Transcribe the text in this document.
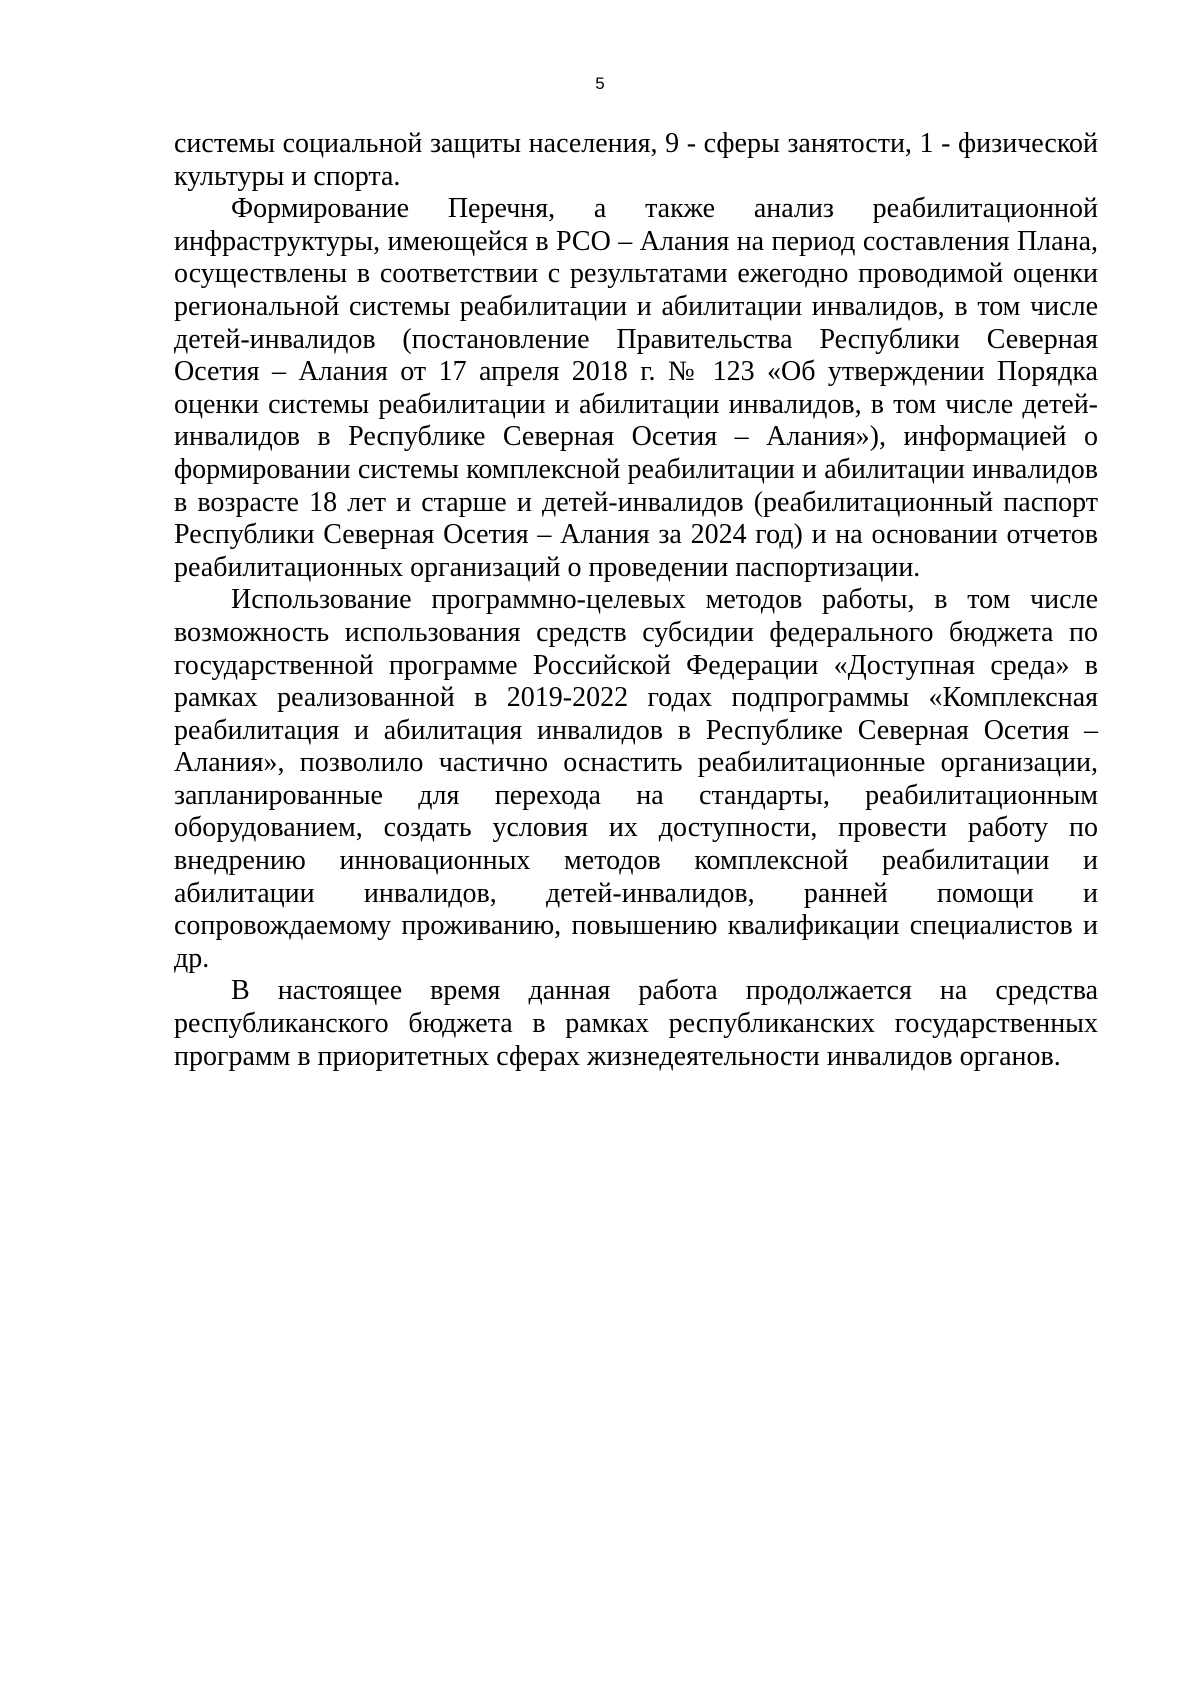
5

системы социальной защиты населения, 9 - сферы занятости, 1 - физической культуры и спорта.

Формирование Перечня, а также анализ реабилитационной инфраструктуры, имеющейся в РСО – Алания на период составления Плана, осуществлены в соответствии с результатами ежегодно проводимой оценки региональной системы реабилитации и абилитации инвалидов, в том числе детей-инвалидов (постановление Правительства Республики Северная Осетия – Алания от 17 апреля 2018 г. № 123 «Об утверждении Порядка оценки системы реабилитации и абилитации инвалидов, в том числе детей-инвалидов в Республике Северная Осетия – Алания»), информацией о формировании системы комплексной реабилитации и абилитации инвалидов в возрасте 18 лет и старше и детей-инвалидов (реабилитационный паспорт Республики Северная Осетия – Алания за 2024 год) и на основании отчетов реабилитационных организаций о проведении паспортизации.

Использование программно-целевых методов работы, в том числе возможность использования средств субсидии федерального бюджета по государственной программе Российской Федерации «Доступная среда» в рамках реализованной в 2019-2022 годах подпрограммы «Комплексная реабилитация и абилитация инвалидов в Республике Северная Осетия – Алания», позволило частично оснастить реабилитационные организации, запланированные для перехода на стандарты, реабилитационным оборудованием, создать условия их доступности, провести работу по внедрению инновационных методов комплексной реабилитации и абилитации инвалидов, детей-инвалидов, ранней помощи и сопровождаемому проживанию, повышению квалификации специалистов и др.

В настоящее время данная работа продолжается на средства республиканского бюджета в рамках республиканских государственных программ в приоритетных сферах жизнедеятельности инвалидов органов.
